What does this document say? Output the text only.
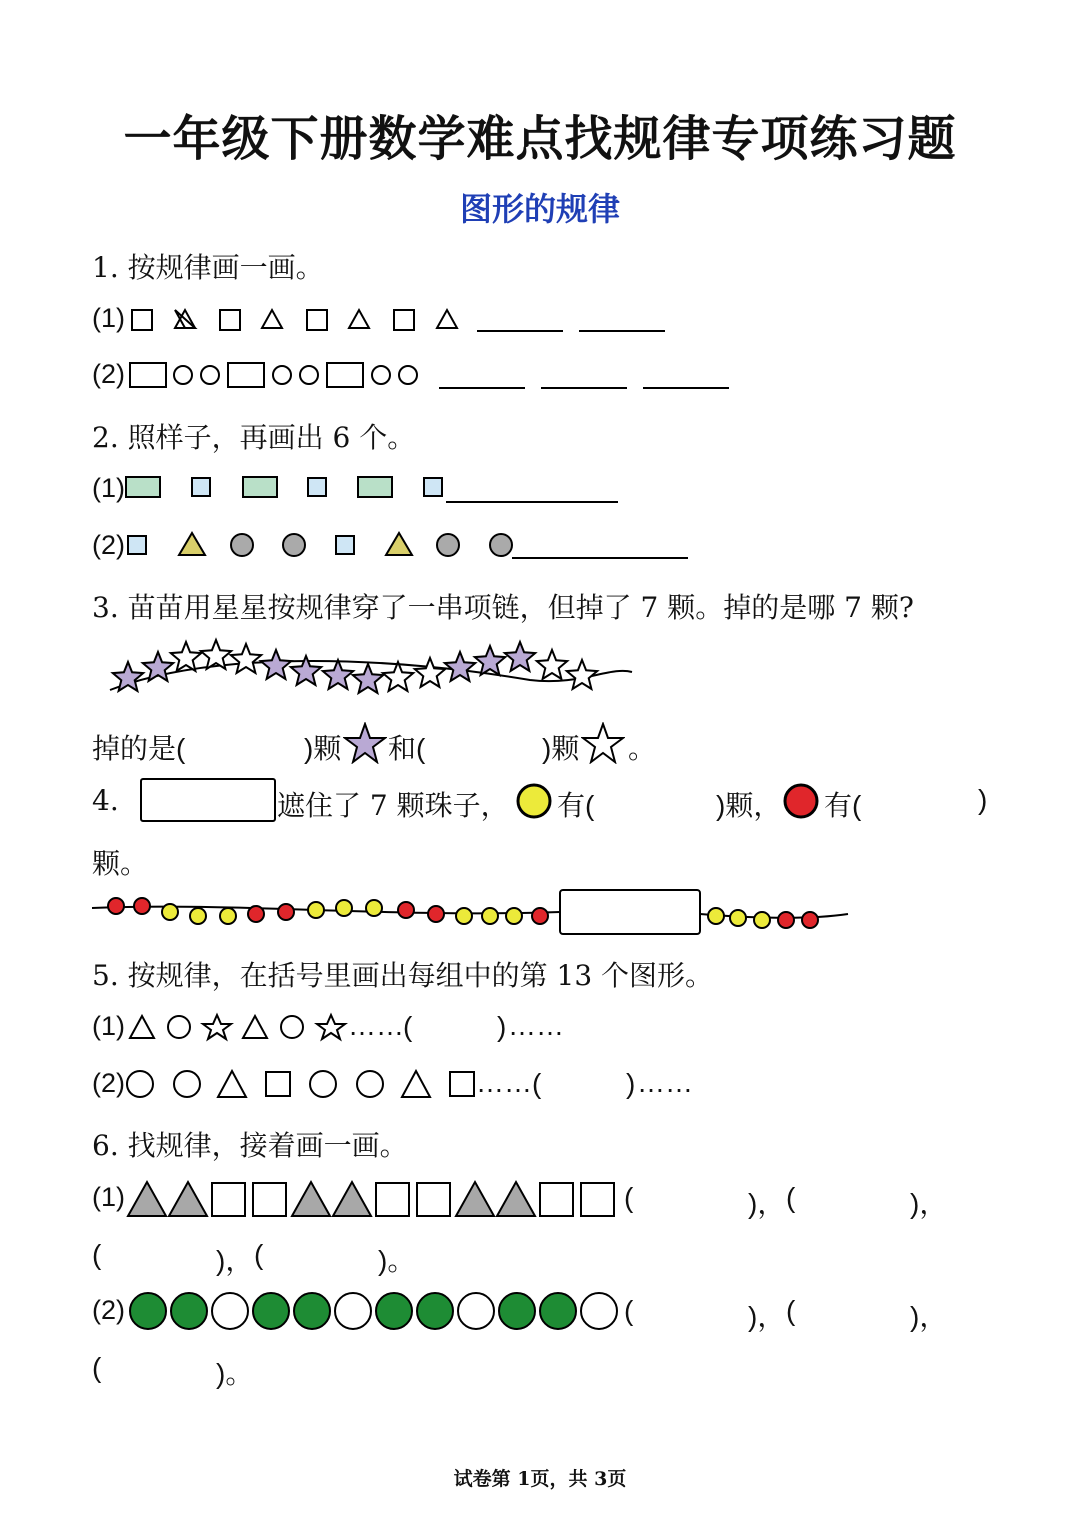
一年级下册数学难点找规律专项练习题
图形的规律
1. 按规律画一画。
(1)
(2)
2. 照样子，再画出 6 个。
(1)
(2)
3. 苗苗用星星按规律穿了一串项链，但掉了 7 颗。掉的是哪 7 颗?
掉的是(	)颗 和(	)颗 。
4.	遮住了 7 颗珠子， 有(	)颗， 有(	)
颗。
5. 按规律，在括号里画出每组中的第 13 个图形。
(1)	…… (	) ……
(2)	…… (	) ……
6. 找规律，接着画一画。
(1)	(	)， (	)，
(	)， (	)。
(2)	(	)， (	)，
(	)。
试卷第 1页，共 3页
